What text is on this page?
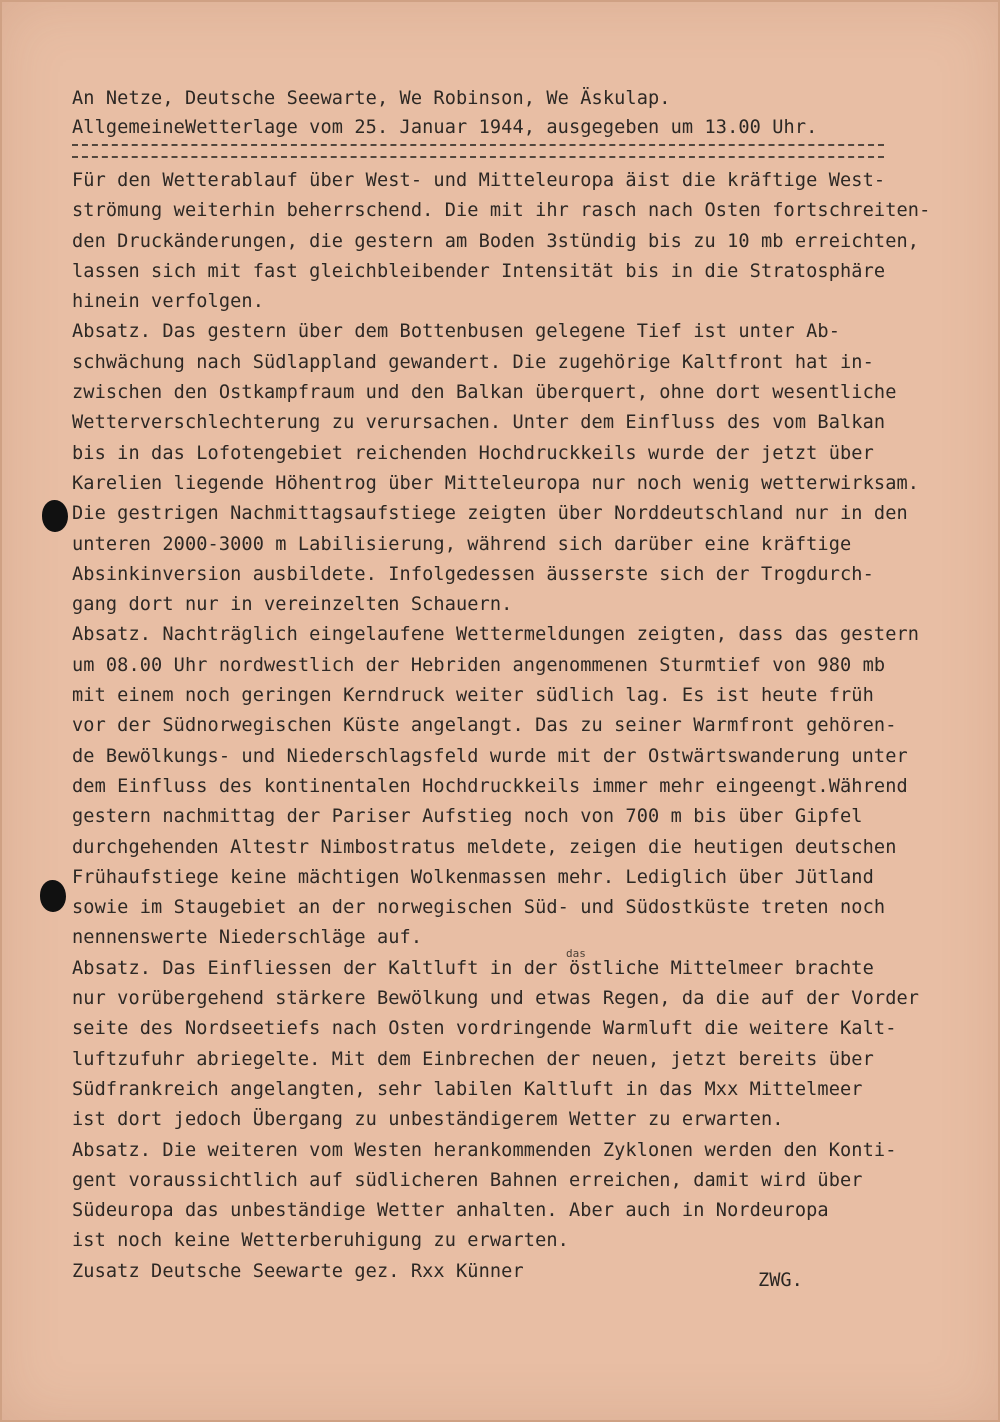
An Netze, Deutsche Seewarte, We Robinson, We Äskulap.
AllgemeineWetterlage vom 25. Januar 1944, ausgegeben um 13.00 Uhr.
Für den Wetterablauf über West- und Mitteleuropa äist die kräftige West-
strömung weiterhin beherrschend. Die mit ihr rasch nach Osten fortschreiten-
den Druckänderungen, die gestern am Boden 3stündig bis zu 10 mb erreichten,
lassen sich mit fast gleichbleibender Intensität bis in die Stratosphäre
hinein verfolgen.
Absatz. Das gestern über dem Bottenbusen gelegene Tief ist unter Ab-
schwächung nach Südlappland gewandert. Die zugehörige Kaltfront hat in-
zwischen den Ostkampfraum und den Balkan überquert, ohne dort wesentliche
Wetterverschlechterung zu verursachen. Unter dem Einfluss des vom Balkan
bis in das Lofotengebiet reichenden Hochdruckkeils wurde der jetzt über
Karelien liegende Höhentrog über Mitteleuropa nur noch wenig wetterwirksam.
Die gestrigen Nachmittagsaufstiege zeigten über Norddeutschland nur in den
unteren 2000-3000 m Labilisierung, während sich darüber eine kräftige
Absinkinversion ausbildete. Infolgedessen äusserste sich der Trogdurch-
gang dort nur in vereinzelten Schauern.
Absatz. Nachträglich eingelaufene Wettermeldungen zeigten, dass das gestern
um 08.00 Uhr nordwestlich der Hebriden angenommenen Sturmtief von 980 mb
mit einem noch geringen Kerndruck weiter südlich lag. Es ist heute früh
vor der Südnorwegischen Küste angelangt. Das zu seiner Warmfront gehören-
de Bewölkungs- und Niederschlagsfeld wurde mit der Ostwärtswanderung unter
dem Einfluss des kontinentalen Hochdruckkeils immer mehr eingeengt.Während
gestern nachmittag der Pariser Aufstieg noch von 700 m bis über Gipfel
durchgehenden Altestr Nimbostratus meldete, zeigen die heutigen deutschen
Frühaufstiege keine mächtigen Wolkenmassen mehr. Lediglich über Jütland
sowie im Staugebiet an der norwegischen Süd- und Südostküste treten noch
nennenswerte Niederschläge auf.
Absatz. Das Einfliessen der Kaltluft in der östliche Mittelmeer brachte
nur vorübergehend stärkere Bewölkung und etwas Regen, da die auf der Vorder
seite des Nordseetiefs nach Osten vordringende Warmluft die weitere Kalt-
luftzufuhr abriegelte. Mit dem Einbrechen der neuen, jetzt bereits über
Südfrankreich angelangten, sehr labilen Kaltluft in das Mxx Mittelmeer
ist dort jedoch Übergang zu unbeständigerem Wetter zu erwarten.
Absatz. Die weiteren vom Westen herankommenden Zyklonen werden den Konti-
gent voraussichtlich auf südlicheren Bahnen erreichen, damit wird über
Südeuropa das unbeständige Wetter anhalten. Aber auch in Nordeuropa
ist noch keine Wetterberuhigung zu erwarten.
Zusatz Deutsche Seewarte gez. Rxx Künner
das
ZWG.
